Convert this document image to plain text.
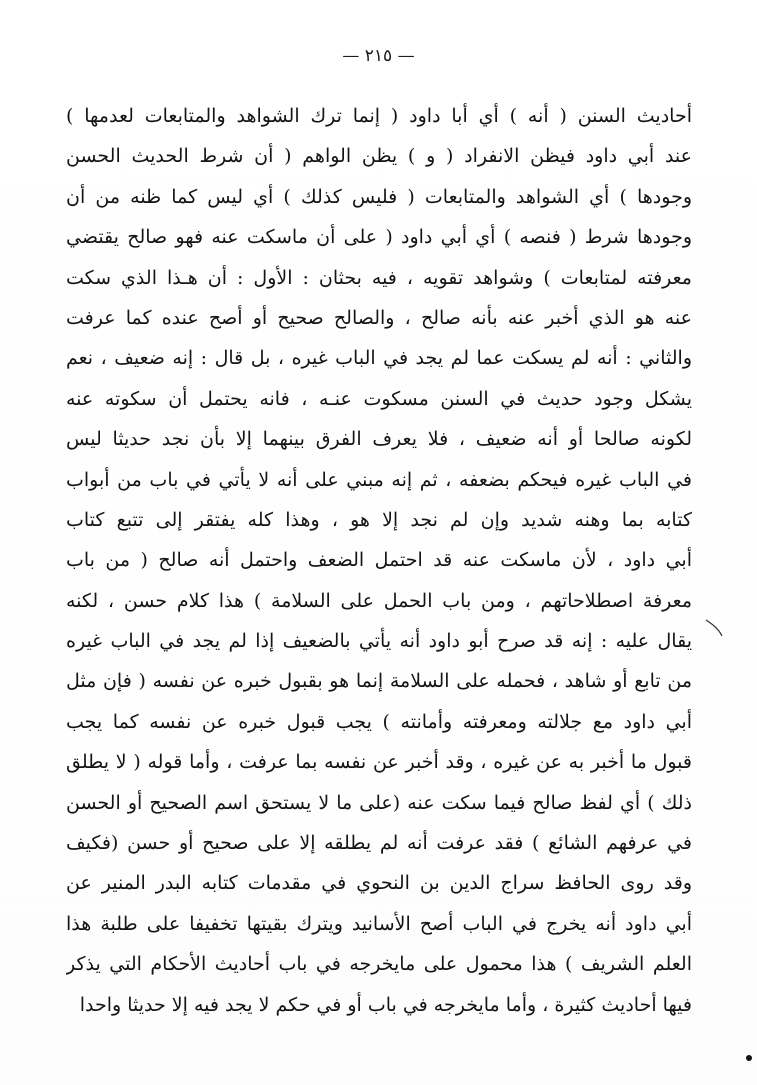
— ٢١٥ —
أحاديث السنن ( أنه ) أي أبا داود ( إنما ترك الشواهد والمتابعات لعدمها )
عند أبي داود فيظن الانفراد ( و ) يظن الواهم ( أن شرط الحديث الحسن
وجودها ) أي الشواهد والمتابعات ( فليس كذلك ) أي ليس كما ظنه من أن
وجودها شرط ( فنصه ) أي أبي داود ( على أن ماسكت عنه فهو صالح يقتضي
معرفته لمتابعات ) وشواهد تقويه ، فيه بحثان : الأول : أن هـذا الذي سكت
عنه هو الذي أخبر عنه بأنه صالح ، والصالح صحيح أو أصح عنده كما عرفت
والثاني : أنه لم يسكت عما لم يجد في الباب غيره ، بل قال : إنه ضعيف ، نعم
يشكل وجود حديث في السنن مسكوت عنـه ، فانه يحتمل أن سكوته عنه
لكونه صالحا أو أنه ضعيف ، فلا يعرف الفرق بينهما إلا بأن نجد حديثا ليس
في الباب غيره فيحكم بضعفه ، ثم إنه مبني على أنه لا يأتي في باب من أبواب
كتابه بما وهنه شديد وإن لم نجد إلا هو ، وهذا كله يفتقر إلى تتبع كتاب
أبي داود ، لأن ماسكت عنه قد احتمل الضعف واحتمل أنه صالح ( من باب
معرفة اصطلاحاتهم ، ومن باب الحمل على السلامة ) هذا كلام حسن ، لكنه
يقال عليه : إنه قد صرح أبو داود أنه يأتي بالضعيف إذا لم يجد في الباب غيره
من تابع أو شاهد ، فحمله على السلامة إنما هو بقبول خبره عن نفسه ( فإن مثل
أبي داود مع جلالته ومعرفته وأمانته ) يجب قبول خبره عن نفسه كما يجب
قبول ما أخبر به عن غيره ، وقد أخبر عن نفسه بما عرفت ، وأما قوله ( لا يطلق
ذلك ) أي لفظ صالح فيما سكت عنه (على ما لا يستحق اسم الصحيح أو الحسن
في عرفهم الشائع ) فقد عرفت أنه لم يطلقه إلا على صحيح أو حسن (فكيف
وقد روى الحافظ سراج الدين بن النحوي في مقدمات كتابه البدر المنير عن
أبي داود أنه يخرج في الباب أصح الأسانيد ويترك بقيتها تخفيفا على طلبة هذا
العلم الشريف ) هذا محمول على مايخرجه في باب أحاديث الأحكام التي يذكر
فيها أحاديث كثيرة ، وأما مايخرجه في باب أو في حكم لا يجد فيه إلا حديثا واحدا
